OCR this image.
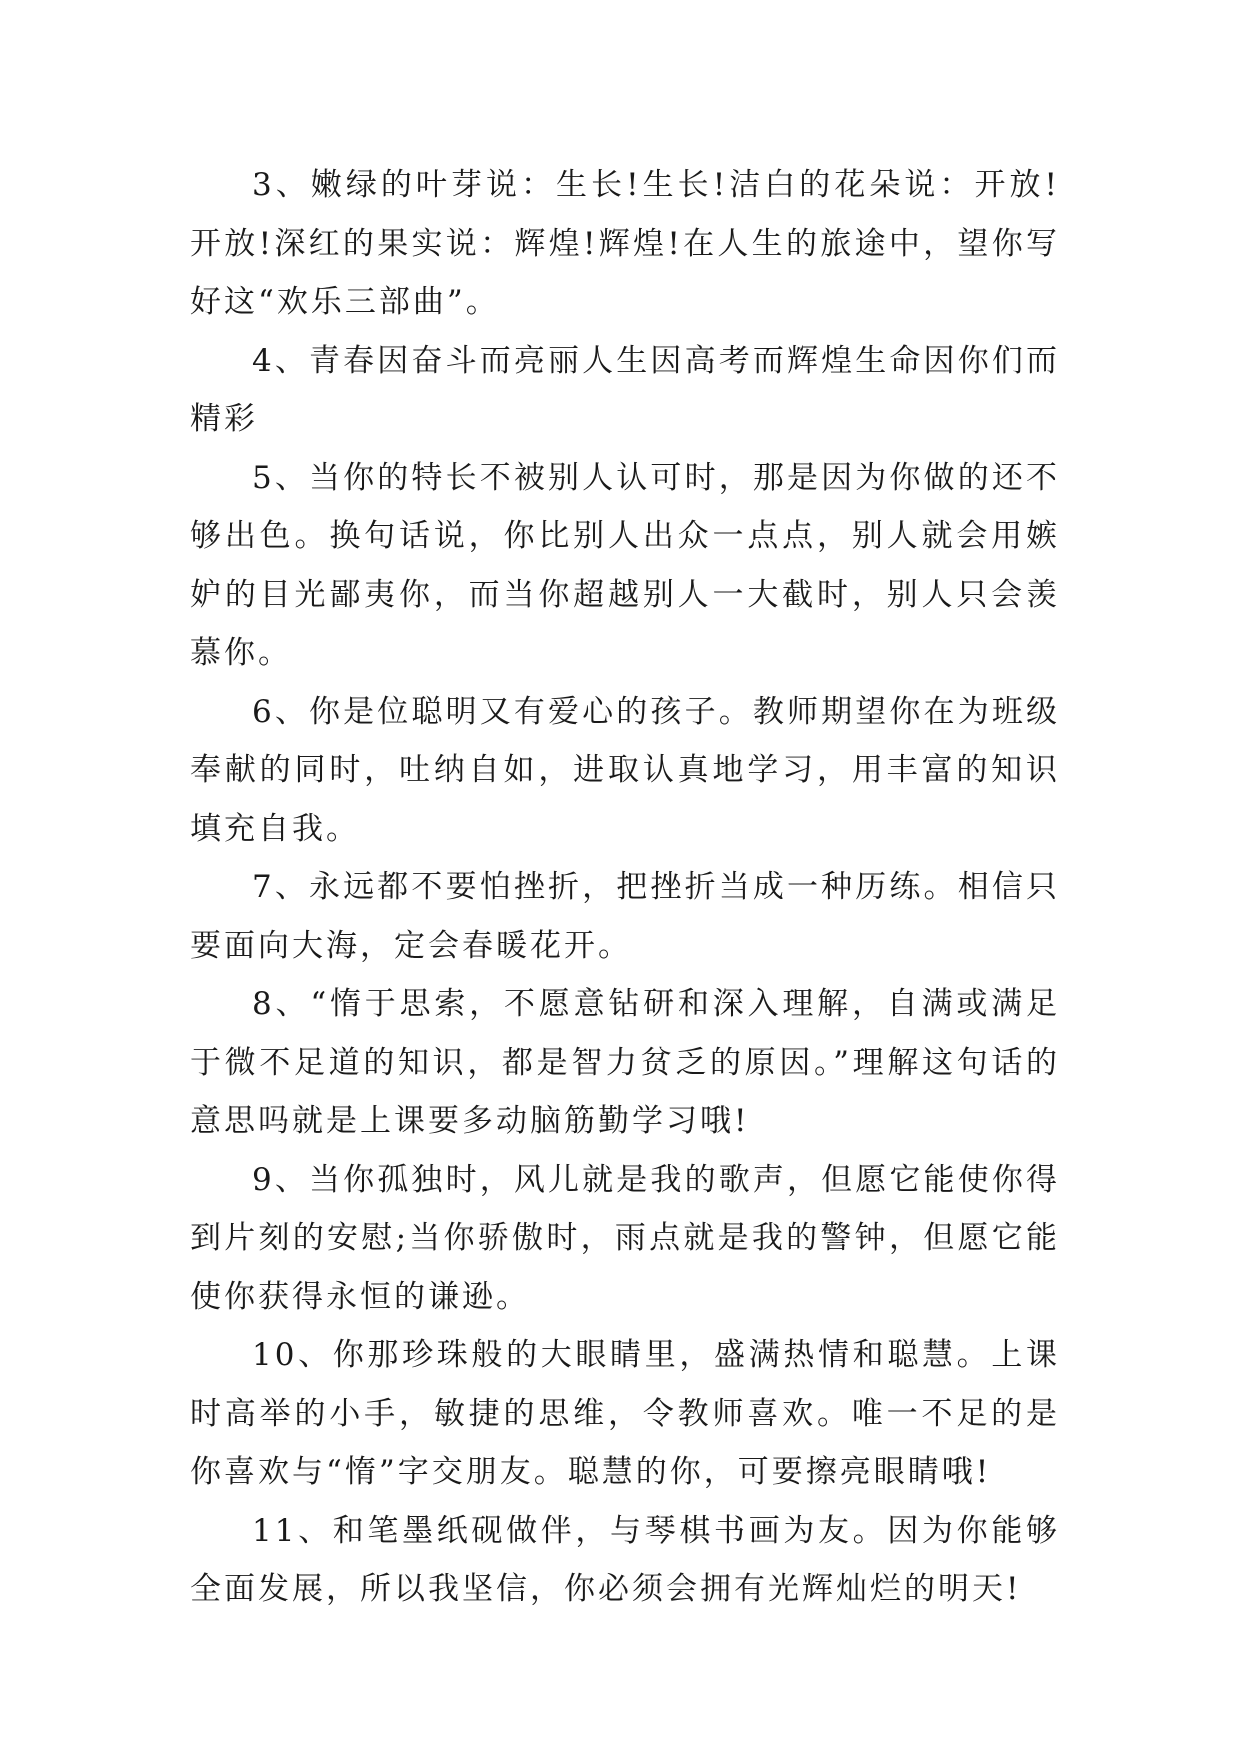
3、嫩绿的叶芽说：生长!生长!洁白的花朵说：开放!开放!深红的果实说：辉煌!辉煌!在人生的旅途中，望你写好这“欢乐三部曲”。

4、青春因奋斗而亮丽人生因高考而辉煌生命因你们而精彩

5、当你的特长不被别人认可时，那是因为你做的还不够出色。换句话说，你比别人出众一点点，别人就会用嫉妒的目光鄙夷你，而当你超越别人一大截时，别人只会羡慕你。

6、你是位聪明又有爱心的孩子。教师期望你在为班级奉献的同时，吐纳自如，进取认真地学习，用丰富的知识填充自我。

7、永远都不要怕挫折，把挫折当成一种历练。相信只要面向大海，定会春暖花开。

8、“惰于思索，不愿意钻研和深入理解，自满或满足于微不足道的知识，都是智力贫乏的原因。”理解这句话的意思吗就是上课要多动脑筋勤学习哦!

9、当你孤独时，风儿就是我的歌声，但愿它能使你得到片刻的安慰;当你骄傲时，雨点就是我的警钟，但愿它能使你获得永恒的谦逊。

10、你那珍珠般的大眼睛里，盛满热情和聪慧。上课时高举的小手，敏捷的思维，令教师喜欢。唯一不足的是你喜欢与“惰”字交朋友。聪慧的你，可要擦亮眼睛哦!

11、和笔墨纸砚做伴，与琴棋书画为友。因为你能够全面发展，所以我坚信，你必须会拥有光辉灿烂的明天!
